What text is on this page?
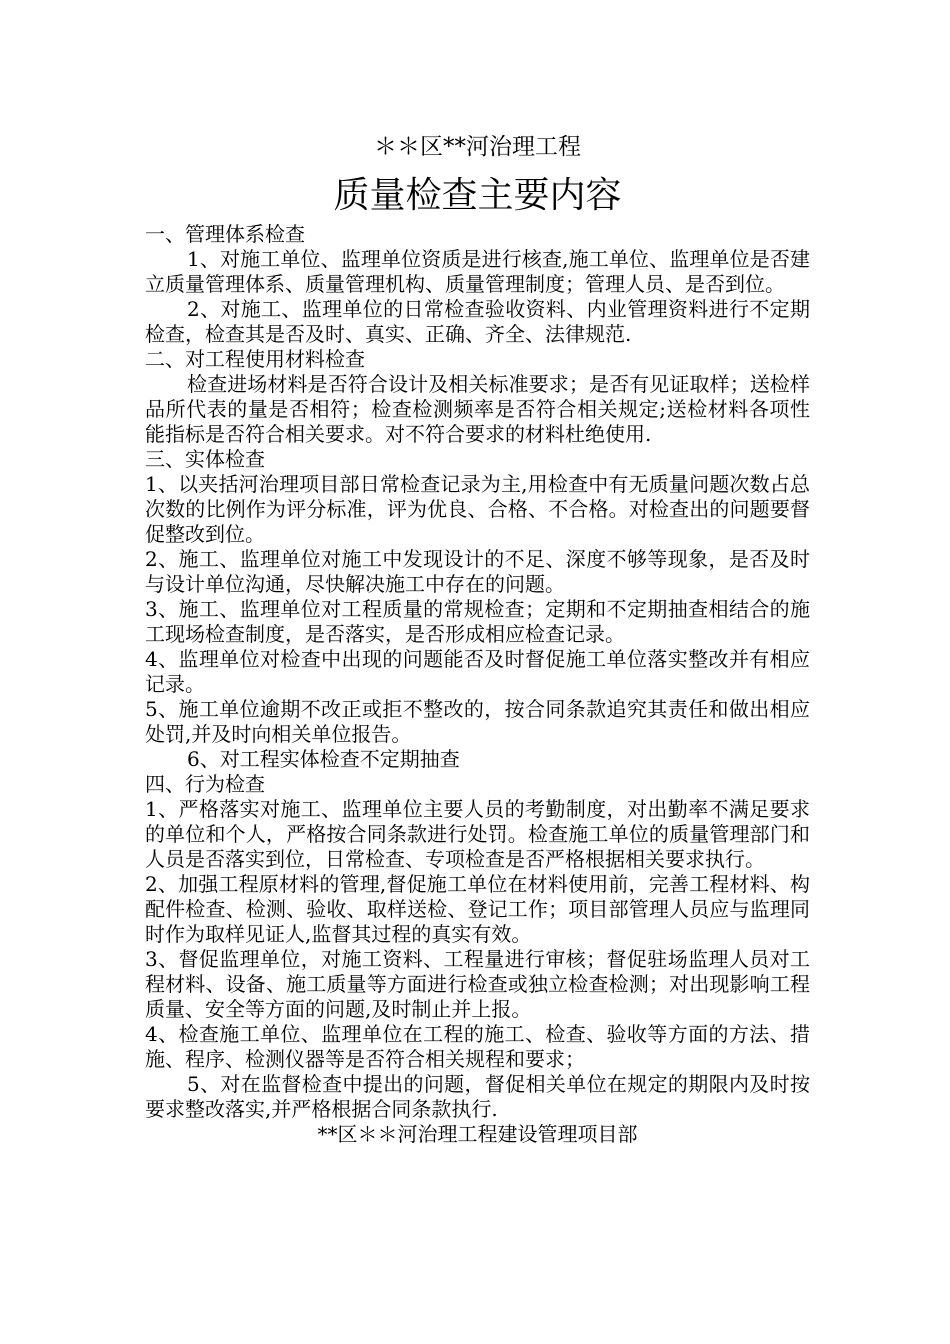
＊＊区**河治理工程

质量检查主要内容

一、管理体系检查

1、对施工单位、监理单位资质是进行核查,施工单位、监理单位是否建立质量管理体系、质量管理机构、质量管理制度；管理人员、是否到位。

2、对施工、监理单位的日常检查验收资料、内业管理资料进行不定期检查，检查其是否及时、真实、正确、齐全、法律规范.

二、对工程使用材料检查

检查进场材料是否符合设计及相关标准要求；是否有见证取样；送检样品所代表的量是否相符；检查检测频率是否符合相关规定;送检材料各项性能指标是否符合相关要求。对不符合要求的材料杜绝使用.

三、实体检查

1、以夹括河治理项目部日常检查记录为主,用检查中有无质量问题次数占总次数的比例作为评分标准，评为优良、合格、不合格。对检查出的问题要督促整改到位。

2、施工、监理单位对施工中发现设计的不足、深度不够等现象，是否及时与设计单位沟通，尽快解决施工中存在的问题。

3、施工、监理单位对工程质量的常规检查；定期和不定期抽查相结合的施工现场检查制度，是否落实，是否形成相应检查记录。

4、监理单位对检查中出现的问题能否及时督促施工单位落实整改并有相应记录。

5、施工单位逾期不改正或拒不整改的，按合同条款追究其责任和做出相应处罚,并及时向相关单位报告。

6、对工程实体检查不定期抽查

四、行为检查

1、严格落实对施工、监理单位主要人员的考勤制度，对出勤率不满足要求的单位和个人，严格按合同条款进行处罚。检查施工单位的质量管理部门和人员是否落实到位，日常检查、专项检查是否严格根据相关要求执行。

2、加强工程原材料的管理,督促施工单位在材料使用前，完善工程材料、构配件检查、检测、验收、取样送检、登记工作；项目部管理人员应与监理同时作为取样见证人,监督其过程的真实有效。

3、督促监理单位，对施工资料、工程量进行审核；督促驻场监理人员对工程材料、设备、施工质量等方面进行检查或独立检查检测；对出现影响工程质量、安全等方面的问题,及时制止并上报。

4、检查施工单位、监理单位在工程的施工、检查、验收等方面的方法、措施、程序、检测仪器等是否符合相关规程和要求；

5、对在监督检查中提出的问题，督促相关单位在规定的期限内及时按要求整改落实,并严格根据合同条款执行.

**区＊＊河治理工程建设管理项目部
